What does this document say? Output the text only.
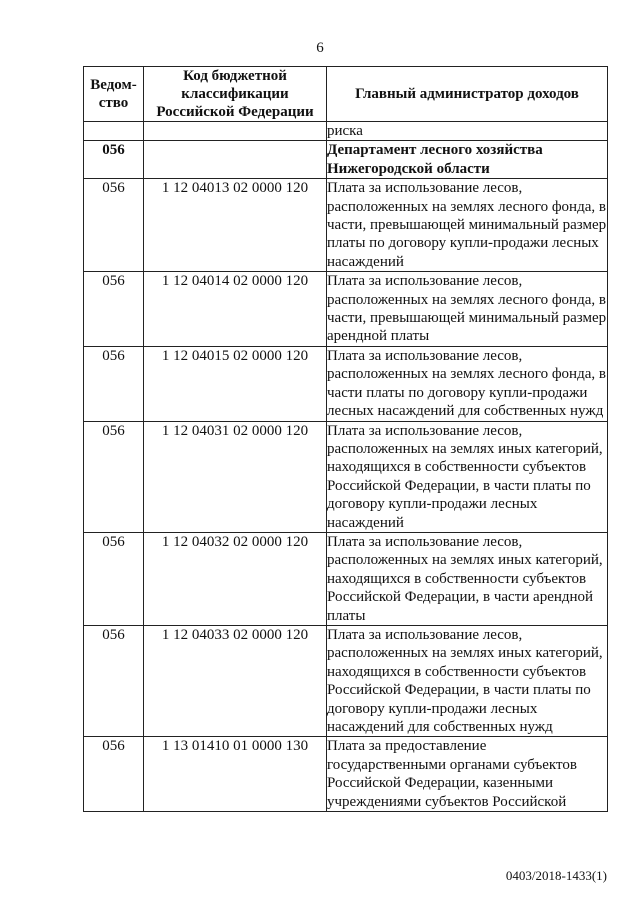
6
Ведом-ство	Код бюджетной классификации Российской Федерации	Главный администратор доходов
		риска
056		Департамент лесного хозяйства Нижегородской области
056	1 12 04013 02 0000 120	Плата за использование лесов, расположенных на землях лесного фонда, в части, превышающей минимальный размер платы по договору купли-продажи лесных насаждений
056	1 12 04014 02 0000 120	Плата за использование лесов, расположенных на землях лесного фонда, в части, превышающей минимальный размер арендной платы
056	1 12 04015 02 0000 120	Плата за использование лесов, расположенных на землях лесного фонда, в части платы по договору купли-продажи лесных насаждений для собственных нужд
056	1 12 04031 02 0000 120	Плата за использование лесов, расположенных на землях иных категорий, находящихся в собственности субъектов Российской Федерации, в части платы по договору купли-продажи лесных насаждений
056	1 12 04032 02 0000 120	Плата за использование лесов, расположенных на землях иных категорий, находящихся в собственности субъектов Российской Федерации, в части арендной платы
056	1 12 04033 02 0000 120	Плата за использование лесов, расположенных на землях иных категорий, находящихся в собственности субъектов Российской Федерации, в части платы по договору купли-продажи лесных насаждений для собственных нужд
056	1 13 01410 01 0000 130	Плата за предоставление государственными органами субъектов Российской Федерации, казенными учреждениями субъектов Российской
0403/2018-1433(1)
